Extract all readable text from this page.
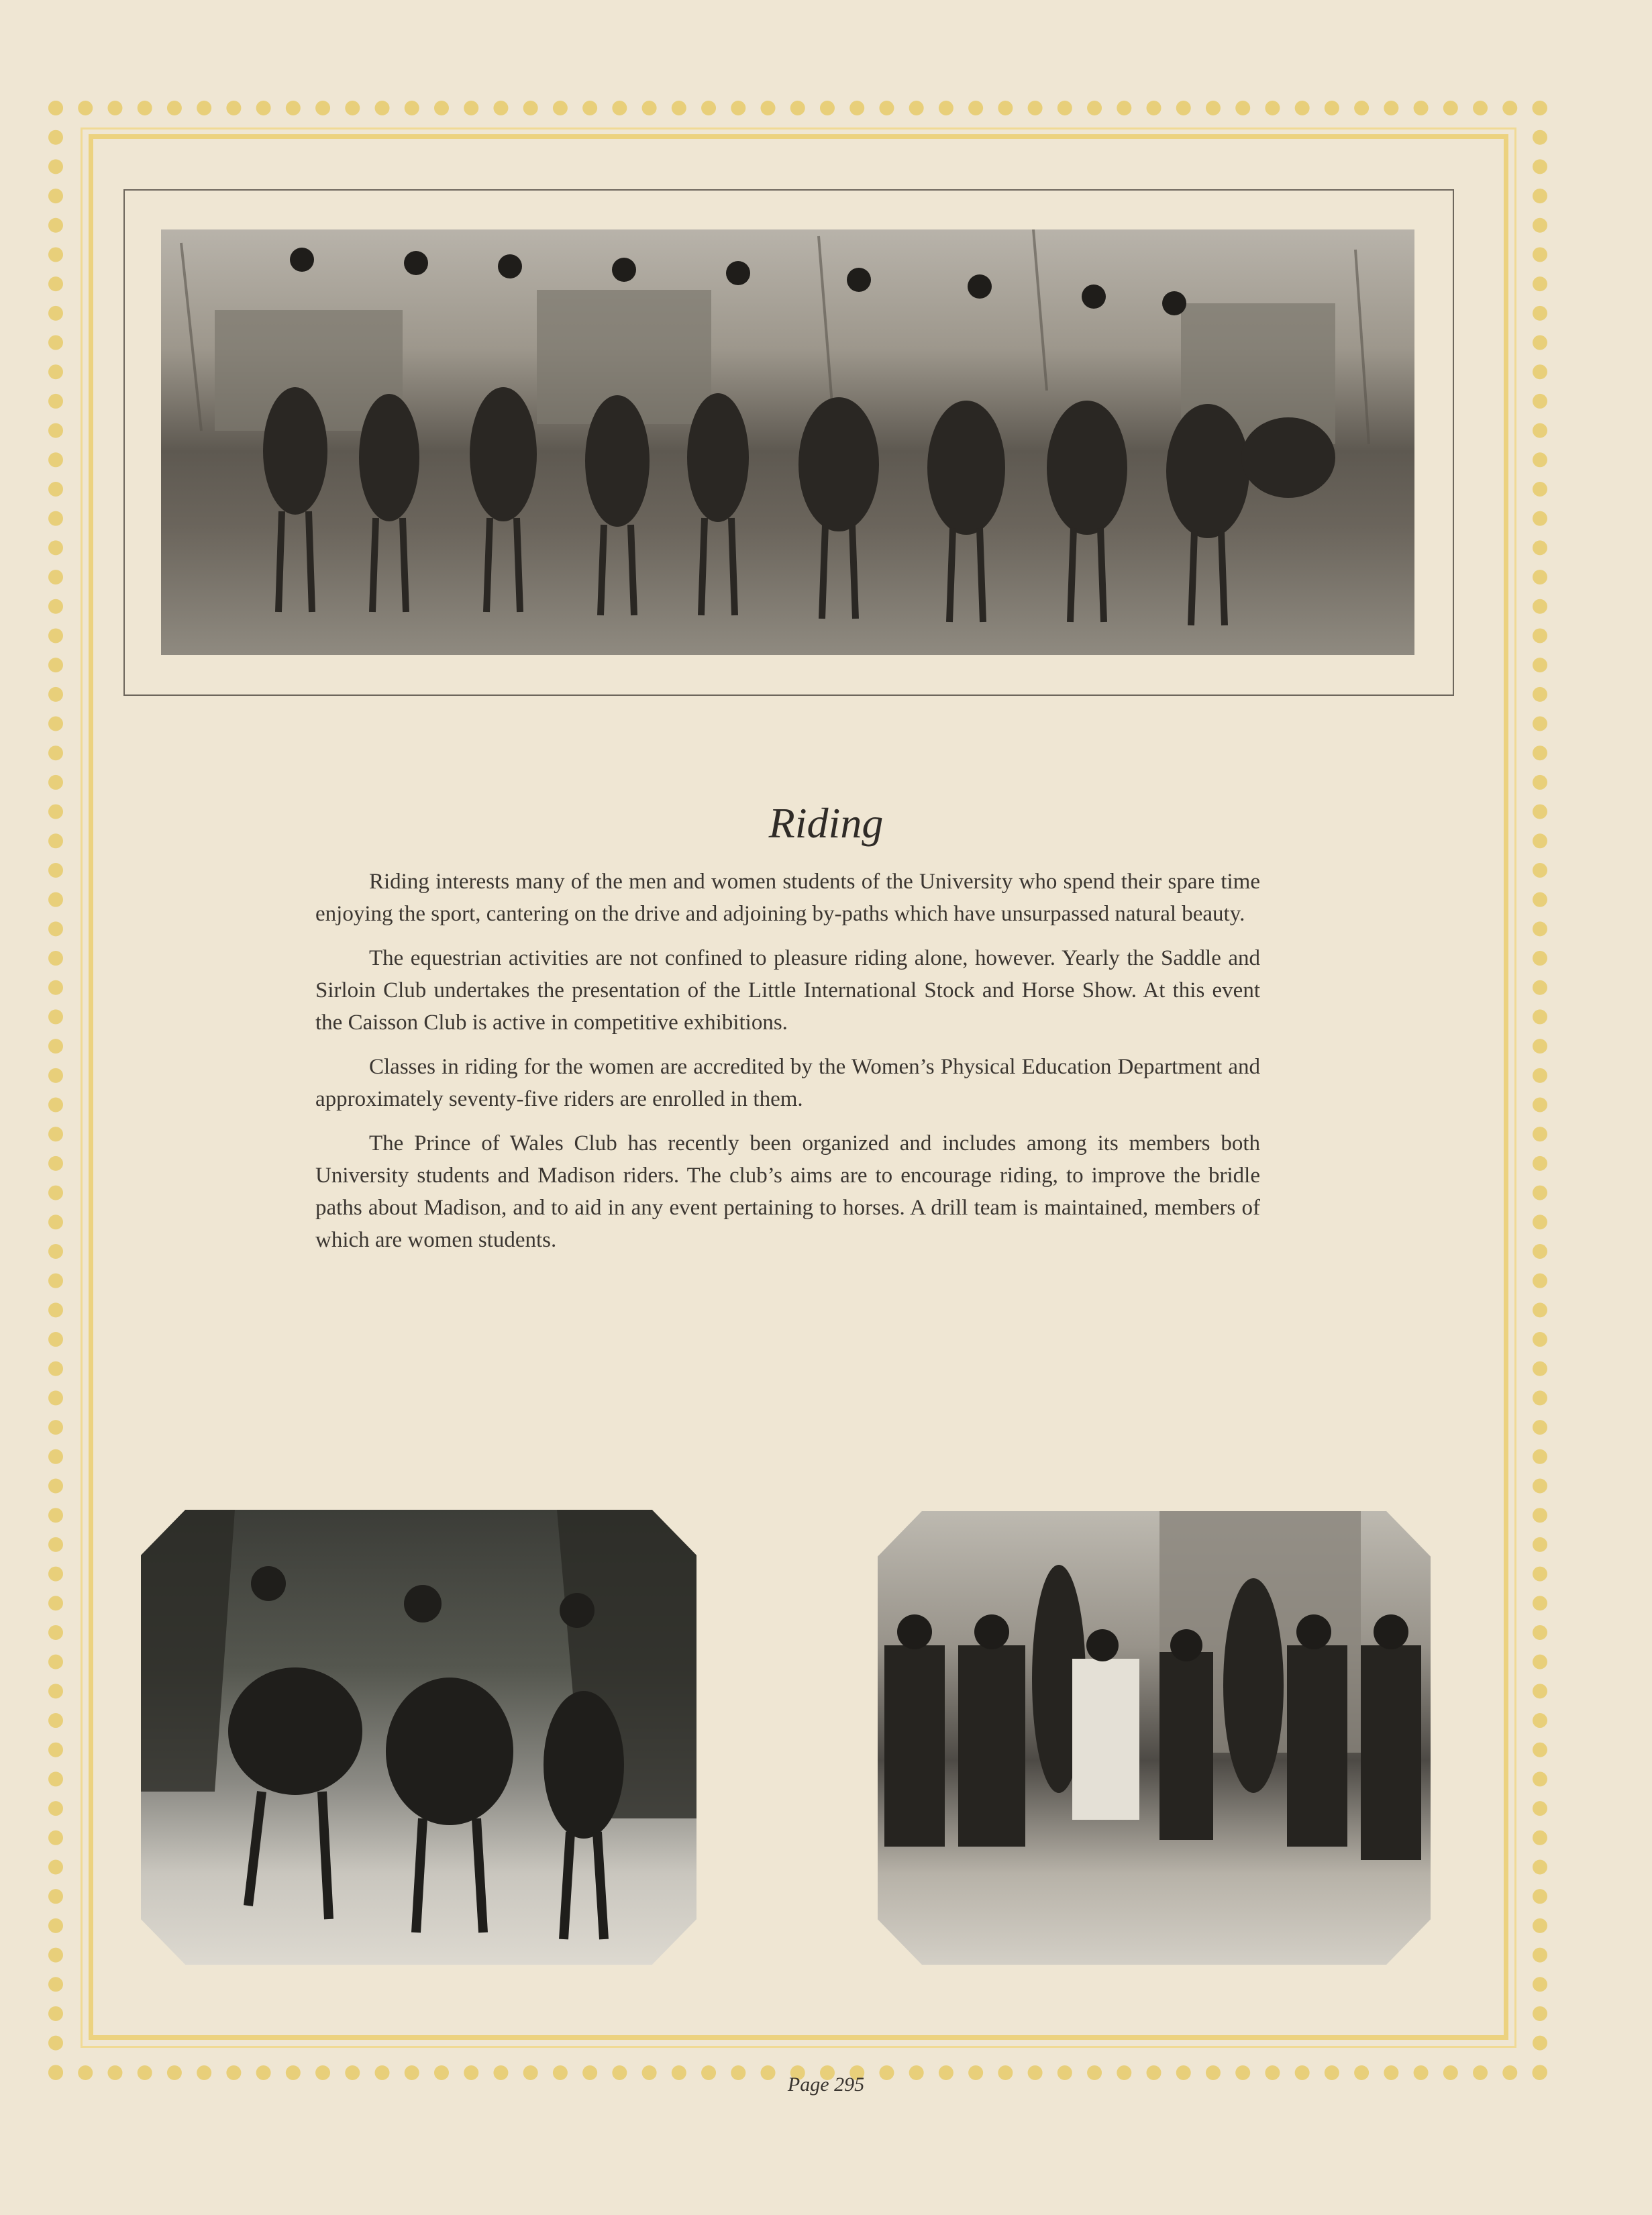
Riding

Riding interests many of the men and women students of the University who spend their spare time enjoying the sport, cantering on the drive and adjoining by-paths which have unsurpassed natural beauty.

The equestrian activities are not confined to pleasure riding alone, however. Yearly the Saddle and Sirloin Club undertakes the presentation of the Little International Stock and Horse Show. At this event the Caisson Club is active in competitive exhibitions.

Classes in riding for the women are accredited by the Women’s Physical Education Department and approximately seventy-five riders are enrolled in them.

The Prince of Wales Club has recently been organized and includes among its members both University students and Madison riders. The club’s aims are to encourage riding, to improve the bridle paths about Madison, and to aid in any event pertaining to horses. A drill team is maintained, members of which are women students.

Page 295
